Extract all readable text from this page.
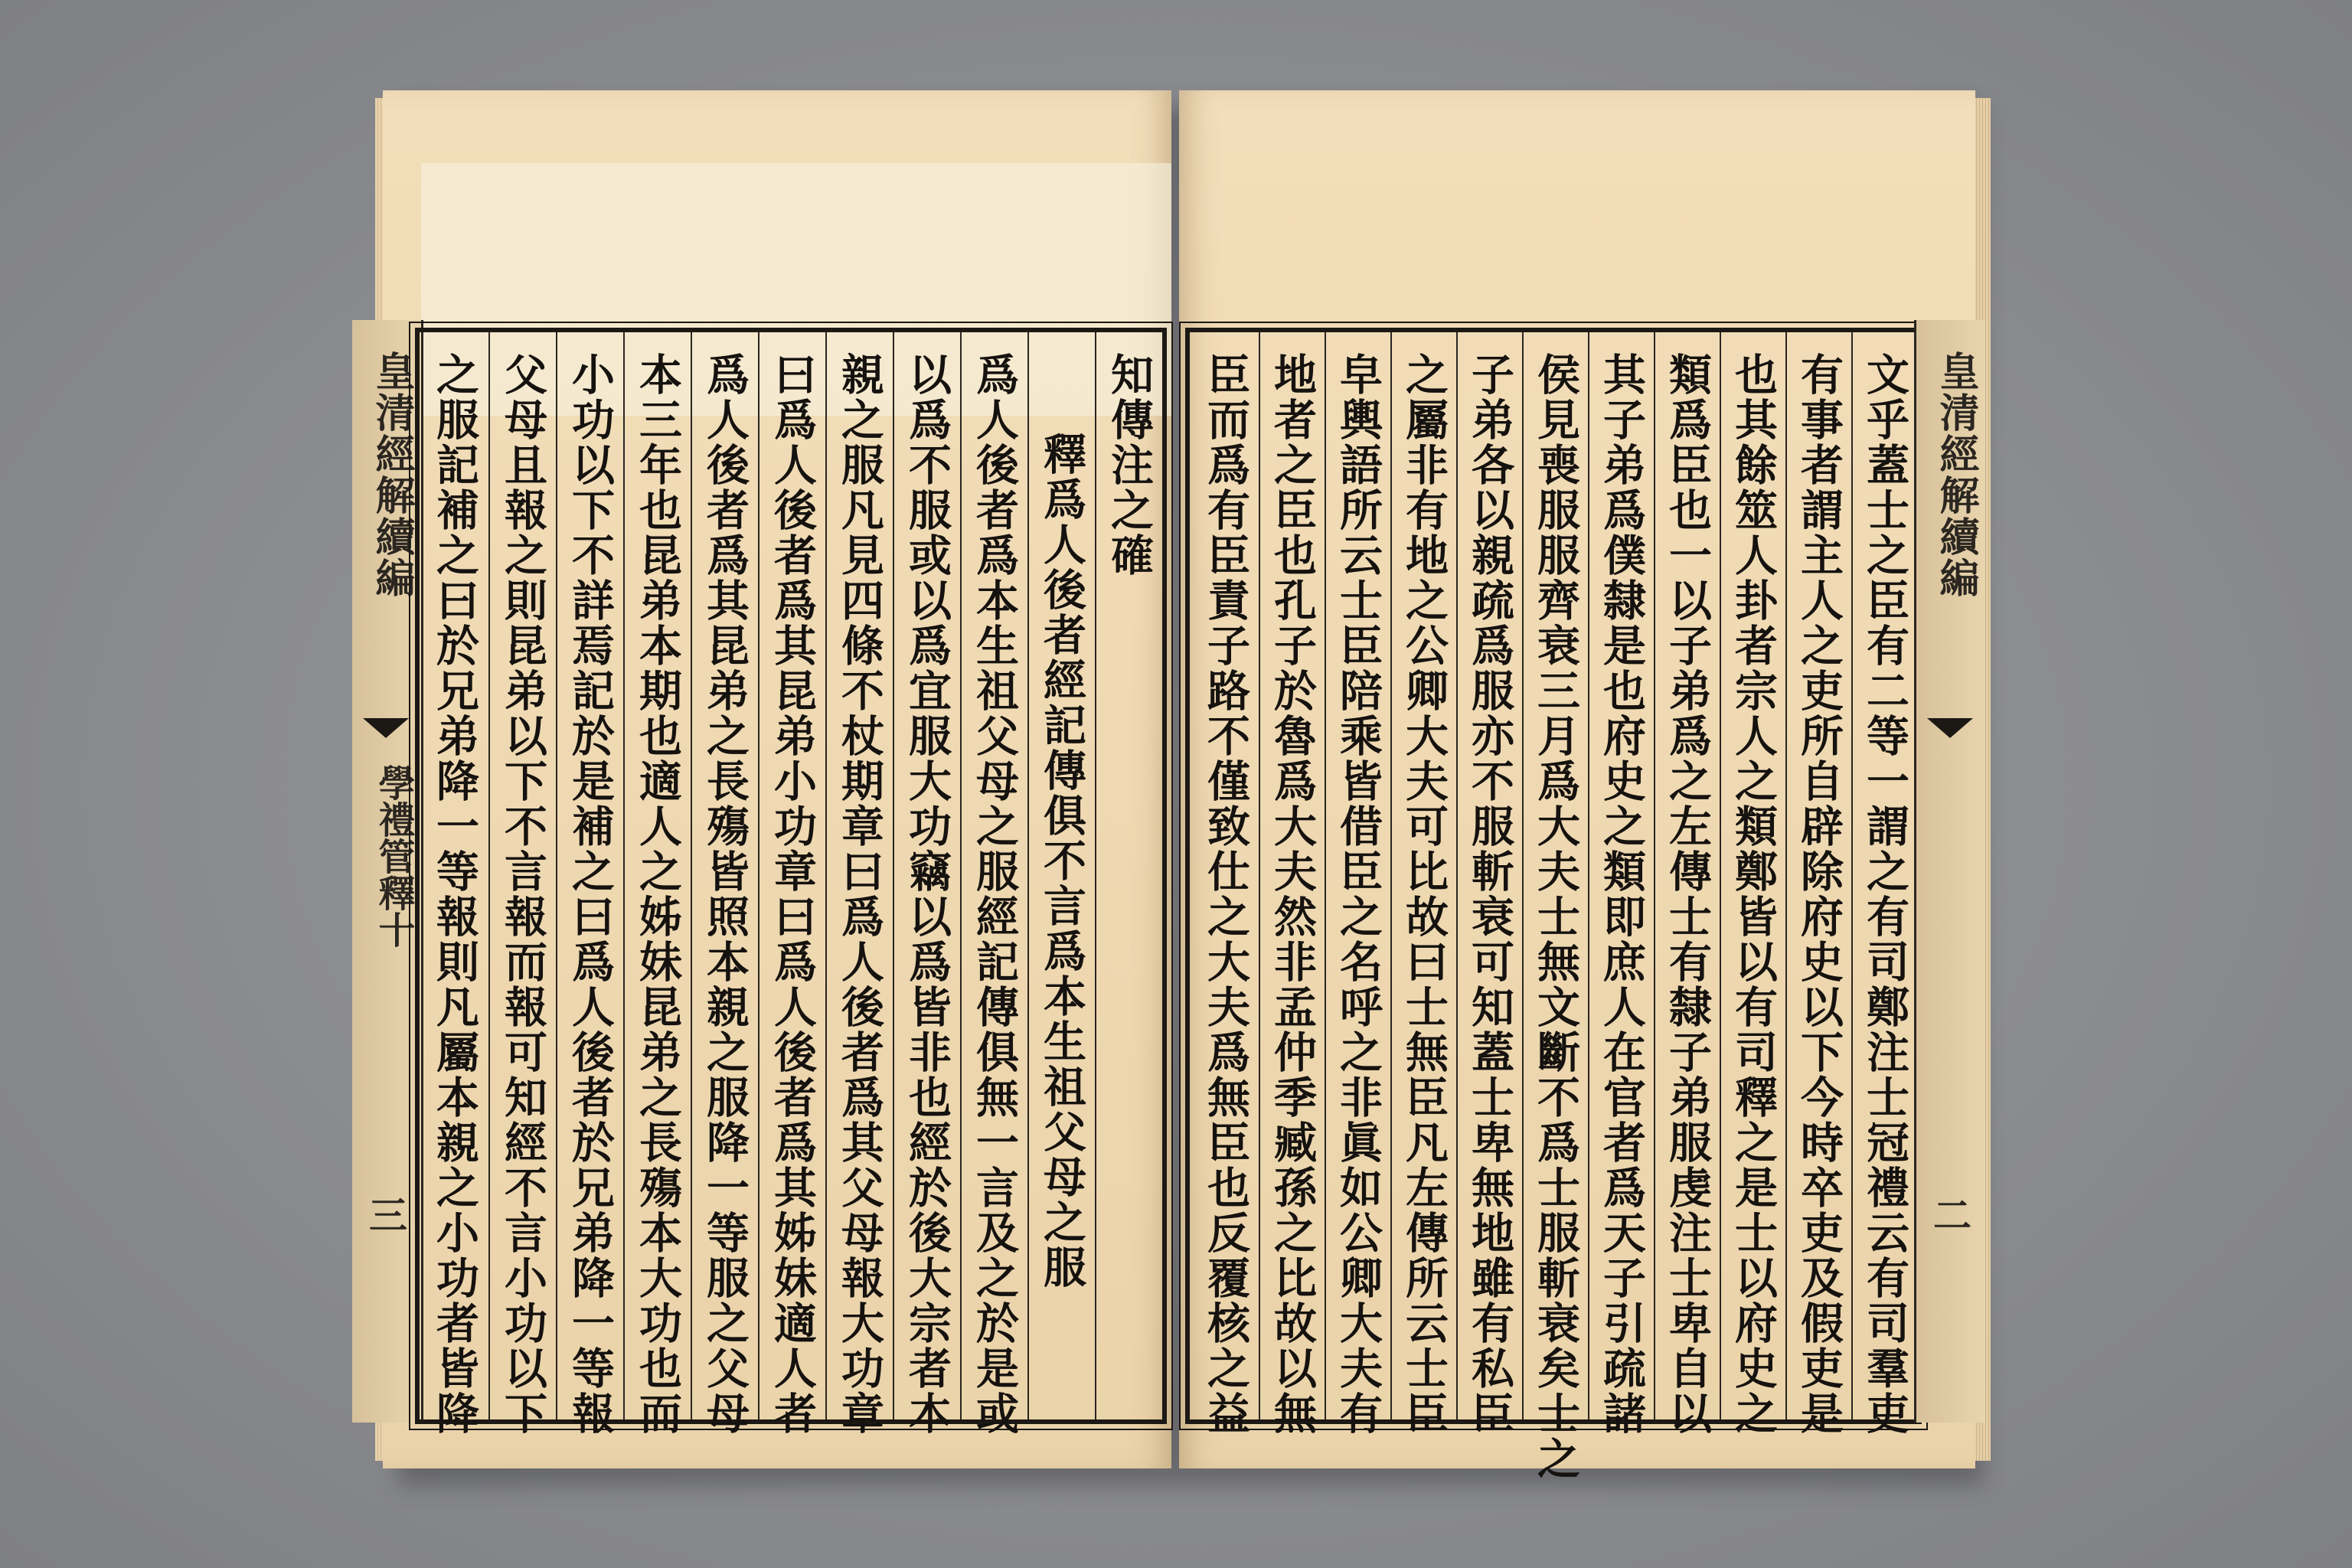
皇清經解續編
學禮管釋十
三
知傳注之確
釋爲人後者經記傳俱不言爲本生祖父母之服
爲人後者爲本生祖父母之服經記傳俱無一言及之於是或
以爲不服或以爲宜服大功竊以爲皆非也經於後大宗者本
親之服凡見四條不杖期章曰爲人後者爲其父母報大功章
曰爲人後者爲其昆弟小功章曰爲人後者爲其姊妹適人者
爲人後者爲其昆弟之長殤皆照本親之服降一等服之父母
本三年也昆弟本期也適人之姊妹昆弟之長殤本大功也而
小功以下不詳焉記於是補之曰爲人後者於兄弟降一等報
父母且報之則昆弟以下不言報而報可知經不言小功以下
之服記補之曰於兄弟降一等報則凡屬本親之小功者皆降	文乎蓋士之臣有二等一謂之有司鄭注士冠禮云有司羣吏
有事者謂主人之吏所自辟除府史以下今時卒吏及假吏是
也其餘筮人卦者宗人之類鄭皆以有司釋之是士以府史之
類爲臣也一以子弟爲之左傳士有隸子弟服虔注士卑自以
其子弟爲僕隸是也府史之類即庶人在官者爲天子引疏諸
侯見喪服服齊衰三月爲大夫士無文斷不爲士服斬衰矣士之
子弟各以親疏爲服亦不服斬衰可知蓋士卑無地雖有私臣
之屬非有地之公卿大夫可比故曰士無臣凡左傳所云士臣
皁輿語所云士臣陪乘皆借臣之名呼之非眞如公卿大夫有
地者之臣也孔子於魯爲大夫然非孟仲季臧孫之比故以無
臣而爲有臣責子路不僅致仕之大夫爲無臣也反覆核之益	皇清經解續編
二
